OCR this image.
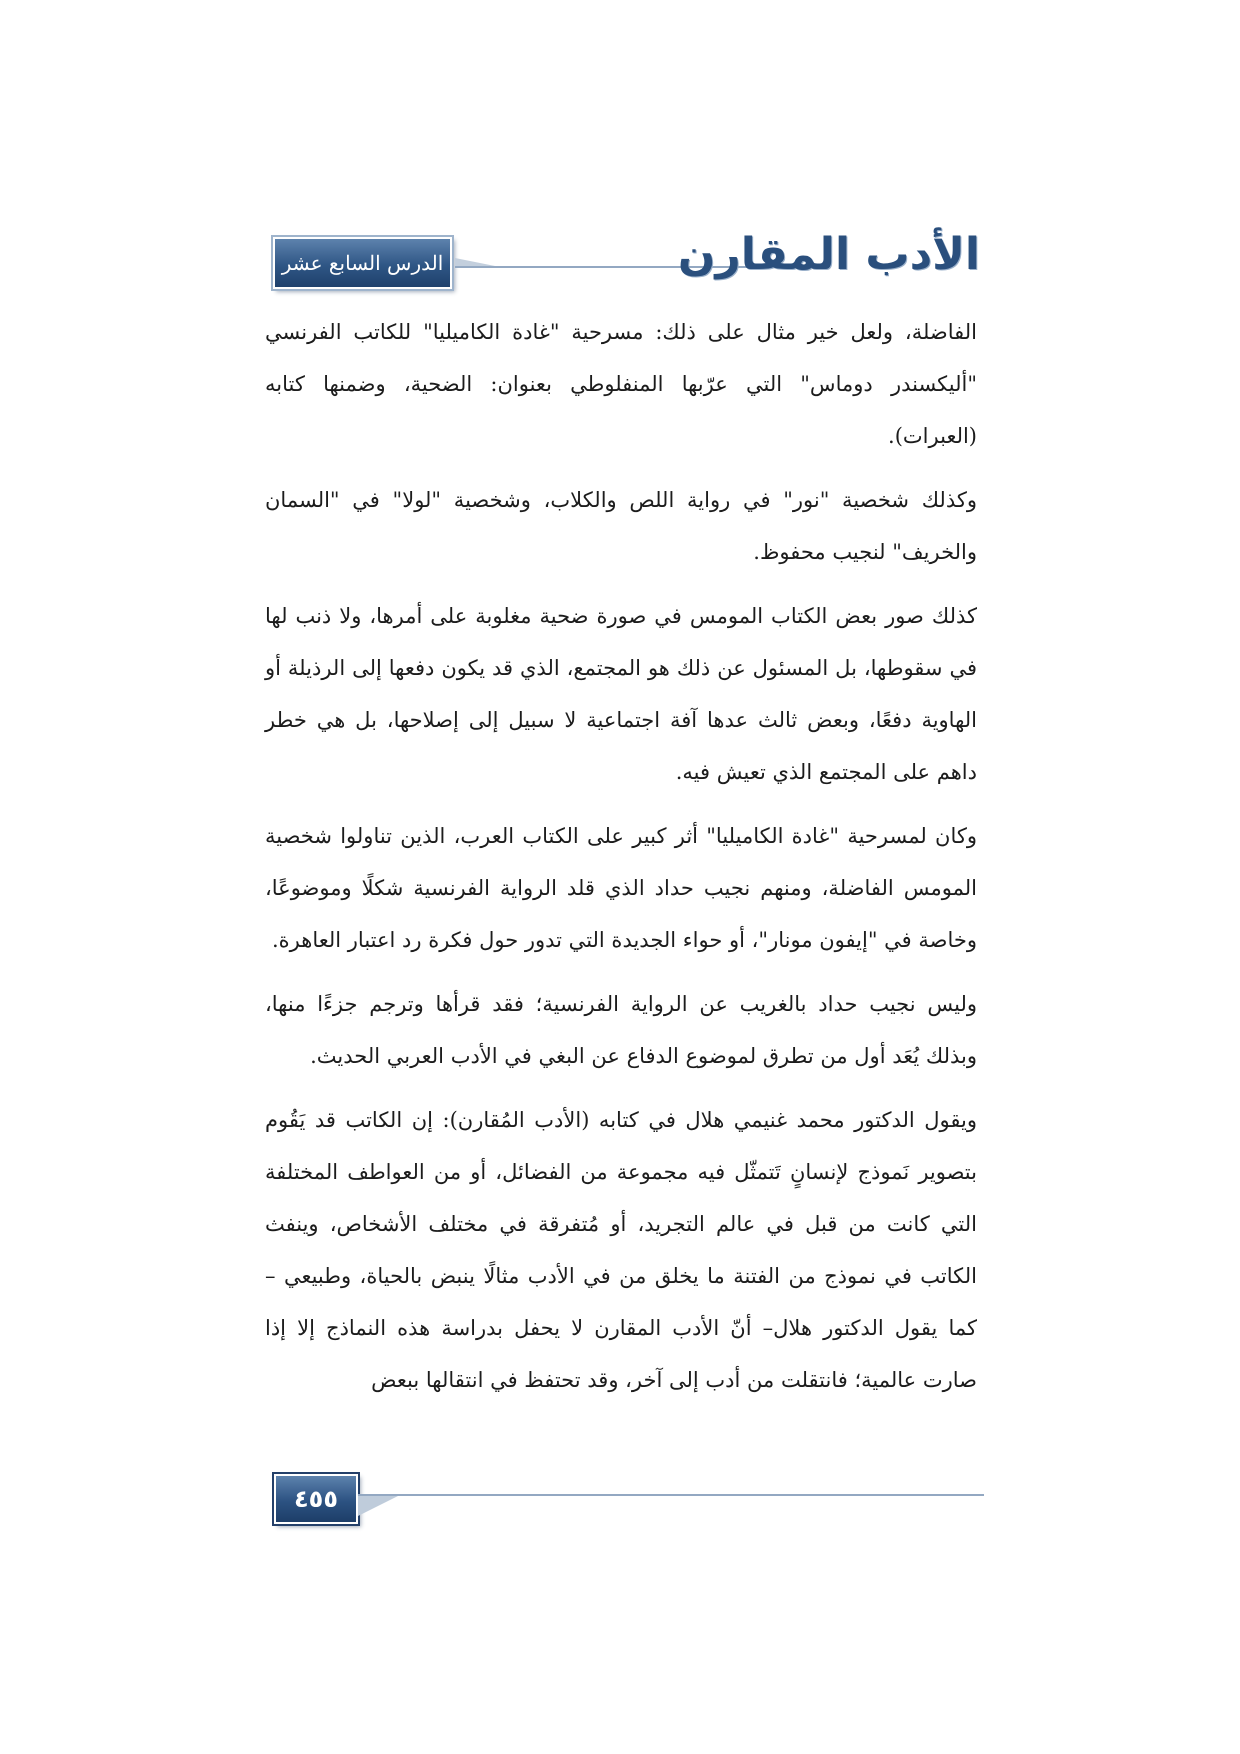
الدرس السابع عشر	الأدب المقارن

الفاضلة، ولعل خير مثال على ذلك: مسرحية "غادة الكاميليا" للكاتب الفرنسي "أليكسندر دوماس" التي عرّبها المنفلوطي بعنوان: الضحية، وضمنها كتابه (العبرات).

وكذلك شخصية "نور" في رواية اللص والكلاب، وشخصية "لولا" في "السمان والخريف" لنجيب محفوظ.

كذلك صور بعض الكتاب المومس في صورة ضحية مغلوبة على أمرها، ولا ذنب لها في سقوطها، بل المسئول عن ذلك هو المجتمع، الذي قد يكون دفعها إلى الرذيلة أو الهاوية دفعًا، وبعض ثالث عدها آفة اجتماعية لا سبيل إلى إصلاحها، بل هي خطر داهم على المجتمع الذي تعيش فيه.

وكان لمسرحية "غادة الكاميليا" أثر كبير على الكتاب العرب، الذين تناولوا شخصية المومس الفاضلة، ومنهم نجيب حداد الذي قلد الرواية الفرنسية شكلًا وموضوعًا، وخاصة في "إيفون مونار"، أو حواء الجديدة التي تدور حول فكرة رد اعتبار العاهرة.

وليس نجيب حداد بالغريب عن الرواية الفرنسية؛ فقد قرأها وترجم جزءًا منها، وبذلك يُعَد أول من تطرق لموضوع الدفاع عن البغي في الأدب العربي الحديث.

ويقول الدكتور محمد غنيمي هلال في كتابه (الأدب المُقارن): إن الكاتب قد يَقُوم بتصوير نَموذج لإنسانٍ تَتمثّل فيه مجموعة من الفضائل، أو من العواطف المختلفة التي كانت من قبل في عالم التجريد، أو مُتفرقة في مختلف الأشخاص، وينفث الكاتب في نموذج من الفتنة ما يخلق من في الأدب مثالًا ينبض بالحياة، وطبيعي – كما يقول الدكتور هلال– أنّ الأدب المقارن لا يحفل بدراسة هذه النماذج إلا إذا صارت عالمية؛ فانتقلت من أدب إلى آخر، وقد تحتفظ في انتقالها ببعض

٤٥٥
